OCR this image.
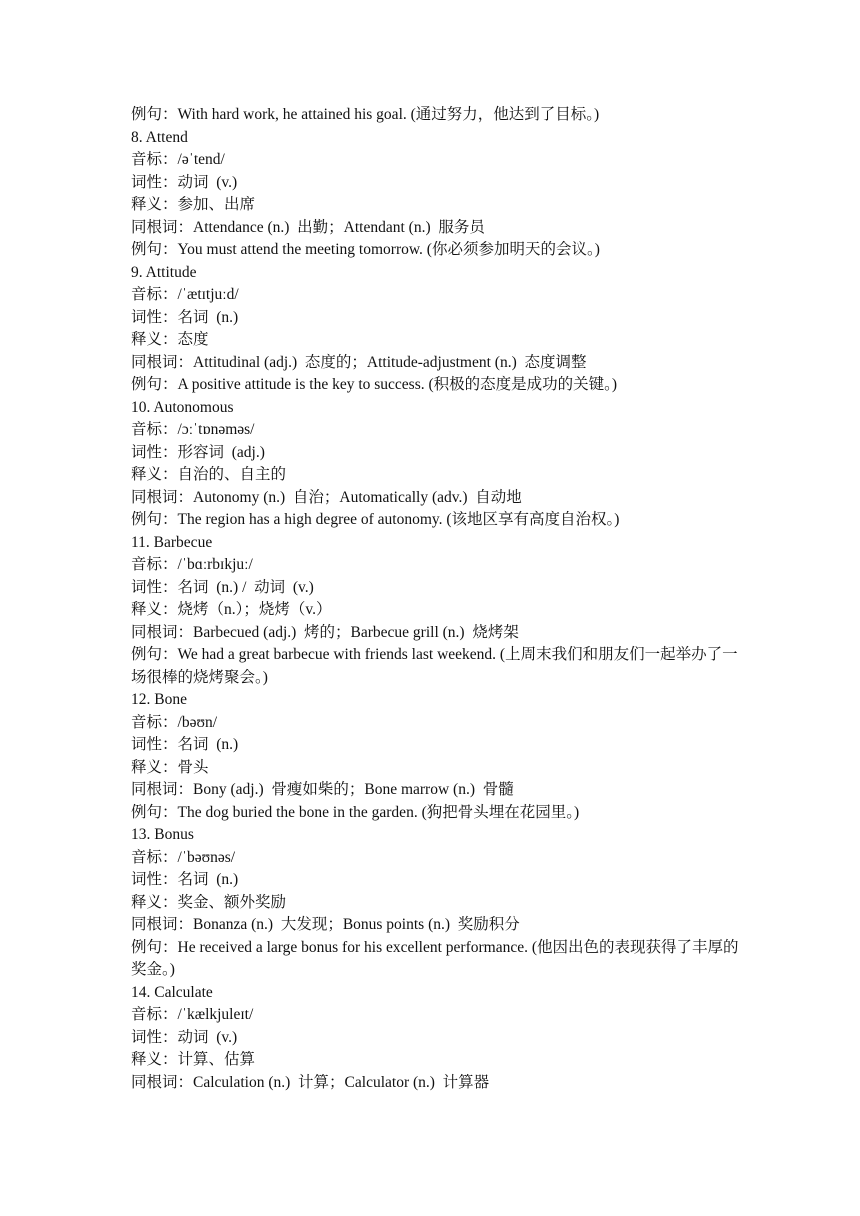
例句：With hard work, he attained his goal. (通过努力，他达到了目标。)
8. Attend
音标：/əˈtend/
词性：动词  (v.)
释义：参加、出席
同根词：Attendance (n.)  出勤；Attendant (n.)  服务员
例句：You must attend the meeting tomorrow. (你必须参加明天的会议。)
9. Attitude
音标：/ˈætɪtjuːd/
词性：名词  (n.)
释义：态度
同根词：Attitudinal (adj.)  态度的；Attitude-adjustment (n.)  态度调整
例句：A positive attitude is the key to success. (积极的态度是成功的关键。)
10. Autonomous
音标：/ɔːˈtɒnəməs/
词性：形容词  (adj.)
释义：自治的、自主的
同根词：Autonomy (n.)  自治；Automatically (adv.)  自动地
例句：The region has a high degree of autonomy. (该地区享有高度自治权。)
11. Barbecue
音标：/ˈbɑːrbɪkjuː/
词性：名词  (n.) /  动词  (v.)
释义：烧烤（n.）；烧烤（v.）
同根词：Barbecued (adj.)  烤的；Barbecue grill (n.)  烧烤架
例句：We had a great barbecue with friends last weekend. (上周末我们和朋友们一起举办了一场很棒的烧烤聚会。)
12. Bone
音标：/bəʊn/
词性：名词  (n.)
释义：骨头
同根词：Bony (adj.)  骨瘦如柴的；Bone marrow (n.)  骨髓
例句：The dog buried the bone in the garden. (狗把骨头埋在花园里。)
13. Bonus
音标：/ˈbəʊnəs/
词性：名词  (n.)
释义：奖金、额外奖励
同根词：Bonanza (n.)  大发现；Bonus points (n.)  奖励积分
例句：He received a large bonus for his excellent performance. (他因出色的表现获得了丰厚的奖金。)
14. Calculate
音标：/ˈkælkjuleɪt/
词性：动词  (v.)
释义：计算、估算
同根词：Calculation (n.)  计算；Calculator (n.)  计算器
